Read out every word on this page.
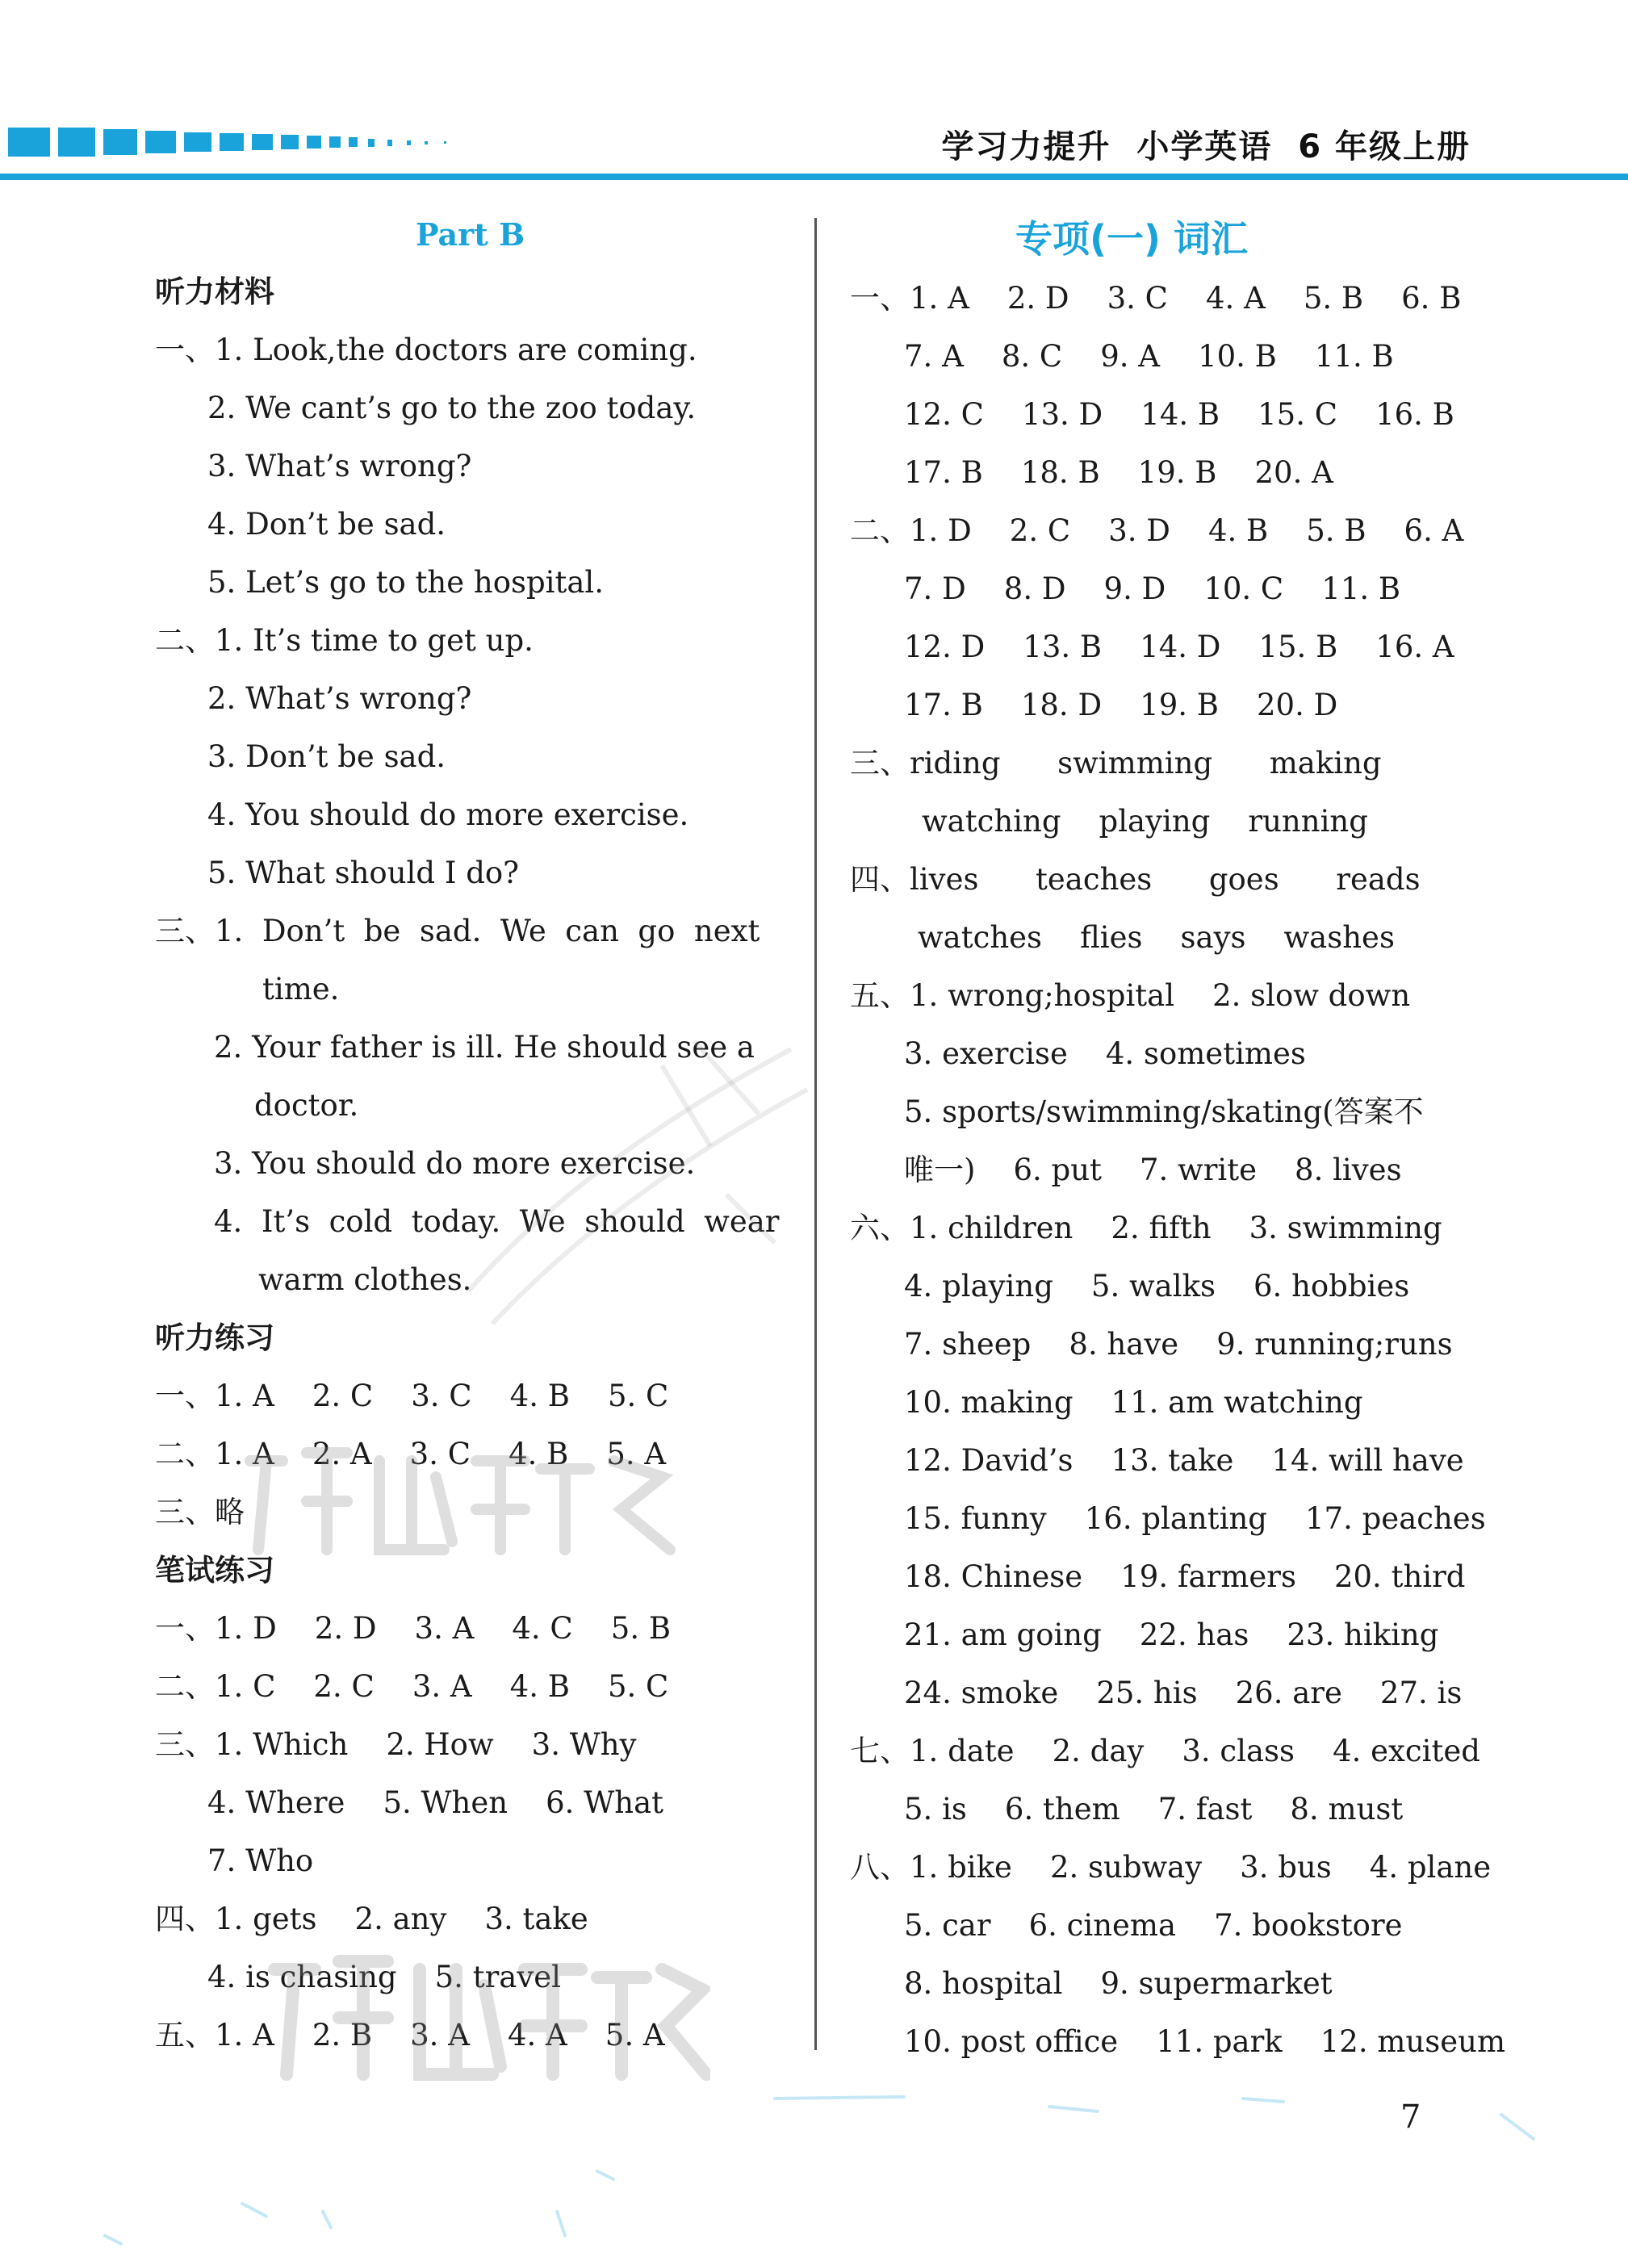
学习力提升  小学英语  6 年级上册
Part B	专项(一) 词汇
听力材料
一、1. Look,the doctors are coming.
2. We cant’s go to the zoo today.
3. What’s wrong?
4. Don’t be sad.
5. Let’s go to the hospital.
二、1. It’s time to get up.
2. What’s wrong?
3. Don’t be sad.
4. You should do more exercise.
5. What should I do?
三、1.  Don’t  be  sad.  We  can  go  next
time.
2. Your father is ill. He should see a
doctor.
3. You should do more exercise.
4.  It’s  cold  today.  We  should  wear
warm clothes.
听力练习
一、1. A    2. C    3. C    4. B    5. C
二、1. A    2. A    3. C    4. B    5. A
三、略
笔试练习
一、1. D    2. D    3. A    4. C    5. B
二、1. C    2. C    3. A    4. B    5. C
三、1. Which    2. How    3. Why
4. Where    5. When    6. What
7. Who
四、1. gets    2. any    3. take
4. is chasing    5. travel
五、1. A    2. B    3. A    4. A    5. A
一、1. A    2. D    3. C    4. A    5. B    6. B
7. A    8. C    9. A    10. B    11. B
12. C    13. D    14. B    15. C    16. B
17. B    18. B    19. B    20. A
二、1. D    2. C    3. D    4. B    5. B    6. A
7. D    8. D    9. D    10. C    11. B
12. D    13. B    14. D    15. B    16. A
17. B    18. D    19. B    20. D
三、riding      swimming      making
watching    playing    running
四、lives      teaches      goes      reads
watches    flies    says    washes
五、1. wrong;hospital    2. slow down
3. exercise    4. sometimes
5. sports/swimming/skating(答案不
唯一)    6. put    7. write    8. lives
六、1. children    2. fifth    3. swimming
4. playing    5. walks    6. hobbies
7. sheep    8. have    9. running;runs
10. making    11. am watching
12. David’s    13. take    14. will have
15. funny    16. planting    17. peaches
18. Chinese    19. farmers    20. third
21. am going    22. has    23. hiking
24. smoke    25. his    26. are    27. is
七、1. date    2. day    3. class    4. excited
5. is    6. them    7. fast    8. must
八、1. bike    2. subway    3. bus    4. plane
5. car    6. cinema    7. bookstore
8. hospital    9. supermarket
10. post office    11. park    12. museum
7
